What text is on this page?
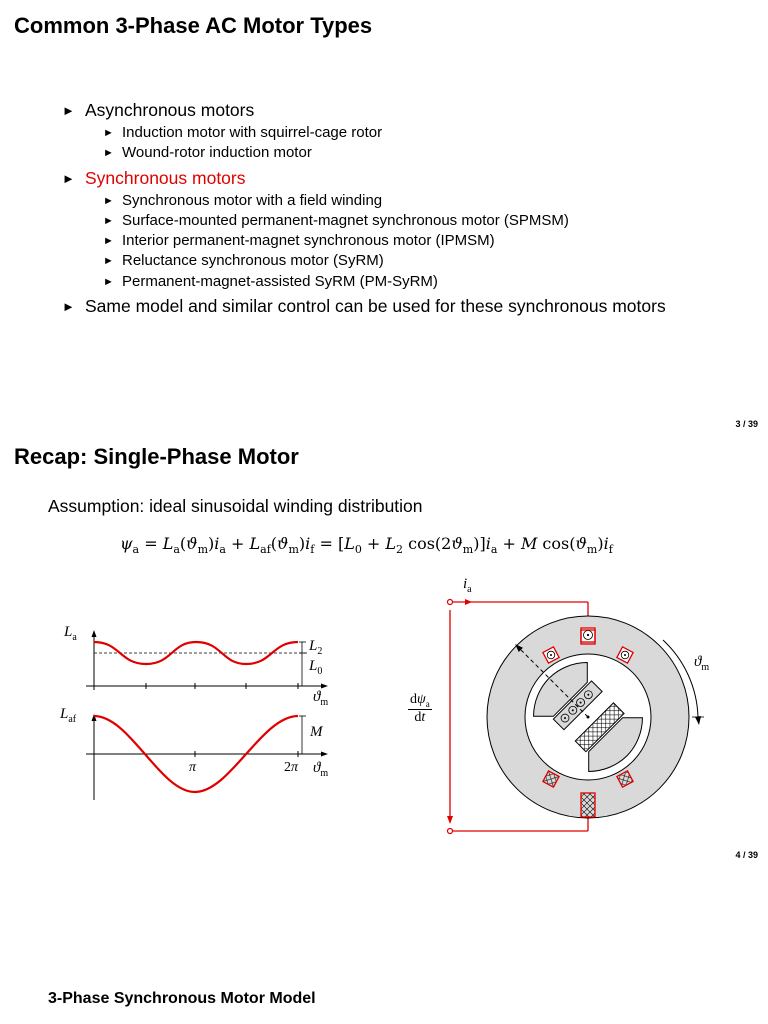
Common 3-Phase AC Motor Types
► Asynchronous motors
► Induction motor with squirrel-cage rotor
► Wound-rotor induction motor
► Synchronous motors
► Synchronous motor with a field winding
► Surface-mounted permanent-magnet synchronous motor (SPMSM)
► Interior permanent-magnet synchronous motor (IPMSM)
► Reluctance synchronous motor (SyRM)
► Permanent-magnet-assisted SyRM (PM-SyRM)
► Same model and similar control can be used for these synchronous motors
3 / 39
Recap: Single-Phase Motor
Assumption: ideal sinusoidal winding distribution
$\psi_a = L_a(ϑ_m)i_a + L_{af}(ϑ_m)i_f = [L_0 + L_2$ $\cos(2ϑ_m)]i_a + M$ $\cos(ϑ_m)i_f$
$L_a$
$L_2$
$L_0$
$ϑ_m$
$L_{af}$
M
π	2π $ϑ_m$
$i_a$
$ϑ_m$
$d\psi_a$
dt
4 / 39
3-Phase Synchronous Motor Model
